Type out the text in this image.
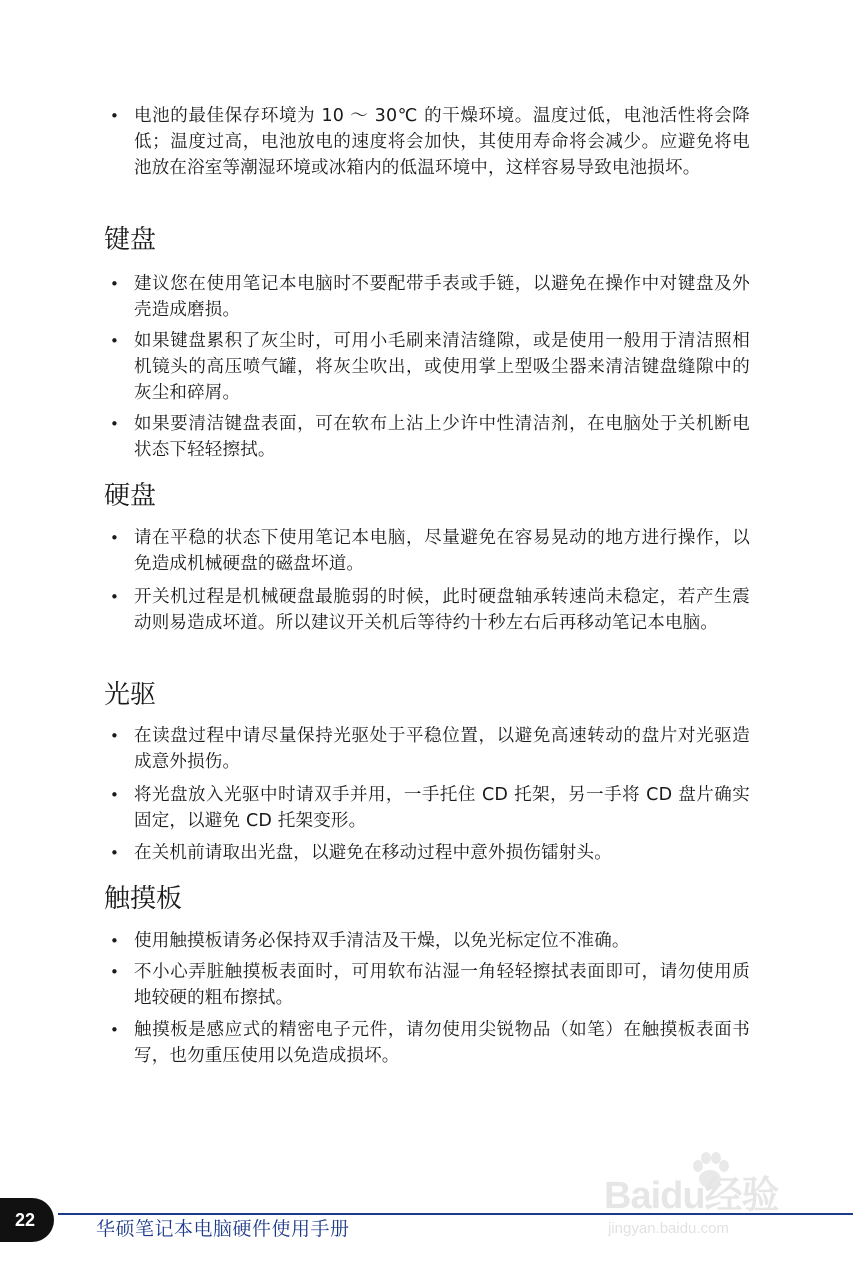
• 电池的最佳保存环境为 10 ～ 30℃ 的干燥环境。温度过低，电池活性将会降低；温度过高，电池放电的速度将会加快，其使用寿命将会减少。应避免将电池放在浴室等潮湿环境或冰箱内的低温环境中，这样容易导致电池损坏。
键盘
• 建议您在使用笔记本电脑时不要配带手表或手链，以避免在操作中对键盘及外壳造成磨损。
• 如果键盘累积了灰尘时，可用小毛刷来清洁缝隙，或是使用一般用于清洁照相机镜头的高压喷气罐，将灰尘吹出，或使用掌上型吸尘器来清洁键盘缝隙中的灰尘和碎屑。
• 如果要清洁键盘表面，可在软布上沾上少许中性清洁剂，在电脑处于关机断电状态下轻轻擦拭。
硬盘
• 请在平稳的状态下使用笔记本电脑，尽量避免在容易晃动的地方进行操作，以免造成机械硬盘的磁盘坏道。
• 开关机过程是机械硬盘最脆弱的时候，此时硬盘轴承转速尚未稳定，若产生震动则易造成坏道。所以建议开关机后等待约十秒左右后再移动笔记本电脑。
光驱
• 在读盘过程中请尽量保持光驱处于平稳位置，以避免高速转动的盘片对光驱造成意外损伤。
• 将光盘放入光驱中时请双手并用，一手托住 CD 托架，另一手将 CD 盘片确实固定，以避免 CD 托架变形。
• 在关机前请取出光盘，以避免在移动过程中意外损伤镭射头。
触摸板
• 使用触摸板请务必保持双手清洁及干燥，以免光标定位不准确。
• 不小心弄脏触摸板表面时，可用软布沾湿一角轻轻擦拭表面即可，请勿使用质地较硬的粗布擦拭。
• 触摸板是感应式的精密电子元件，请勿使用尖锐物品（如笔）在触摸板表面书写，也勿重压使用以免造成损坏。
Baidu经验
jingyan.baidu.com
22	华硕笔记本电脑硬件使用手册
